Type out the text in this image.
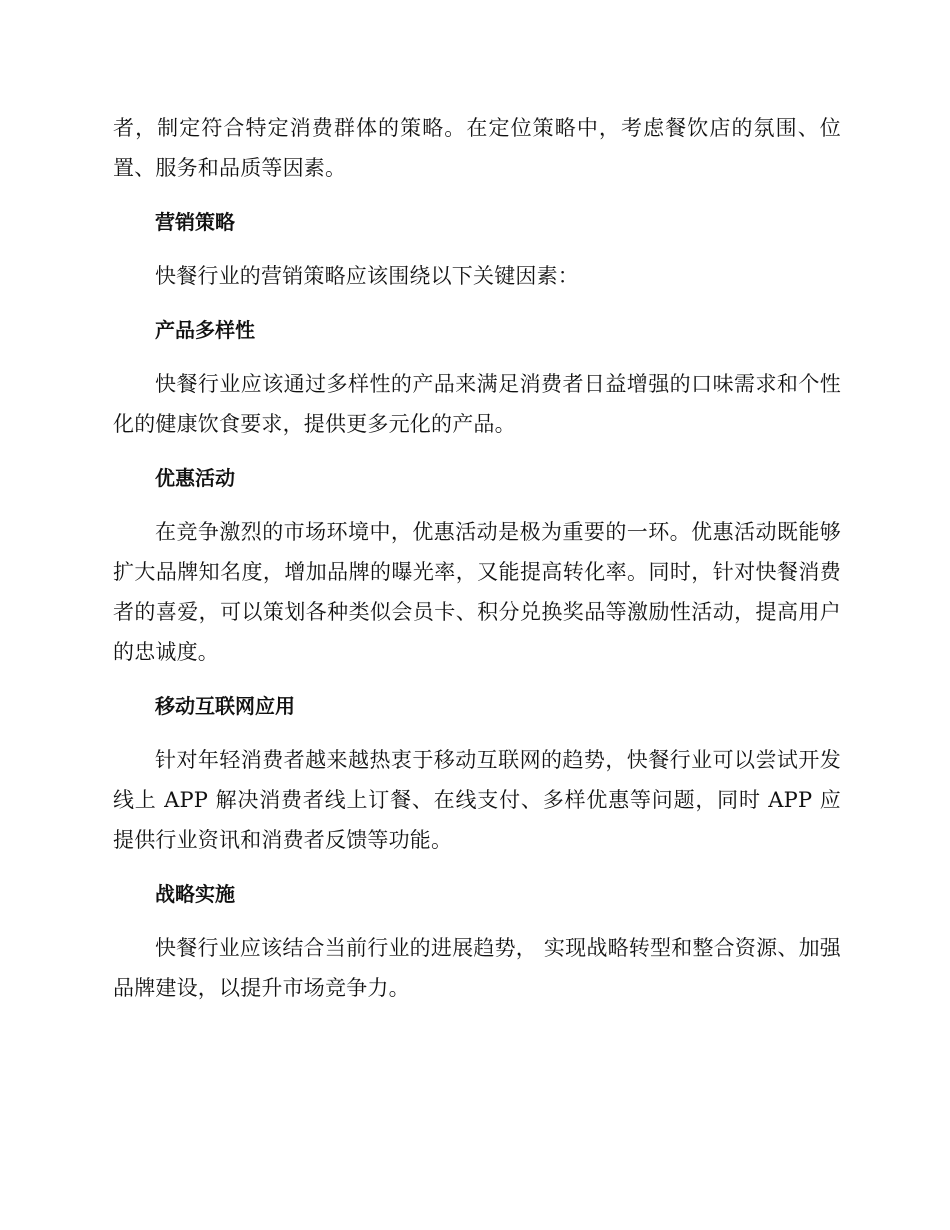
者，制定符合特定消费群体的策略。在定位策略中，考虑餐饮店的氛围、位置、服务和品质等因素。

营销策略

快餐行业的营销策略应该围绕以下关键因素：

产品多样性

快餐行业应该通过多样性的产品来满足消费者日益增强的口味需求和个性化的健康饮食要求，提供更多元化的产品。

优惠活动

在竞争激烈的市场环境中，优惠活动是极为重要的一环。优惠活动既能够扩大品牌知名度，增加品牌的曝光率，又能提高转化率。同时，针对快餐消费者的喜爱，可以策划各种类似会员卡、积分兑换奖品等激励性活动，提高用户的忠诚度。

移动互联网应用

针对年轻消费者越来越热衷于移动互联网的趋势，快餐行业可以尝试开发线上 APP 解决消费者线上订餐、在线支付、多样优惠等问题，同时 APP 应提供行业资讯和消费者反馈等功能。

战略实施

快餐行业应该结合当前行业的进展趋势， 实现战略转型和整合资源、加强品牌建设，以提升市场竞争力。
